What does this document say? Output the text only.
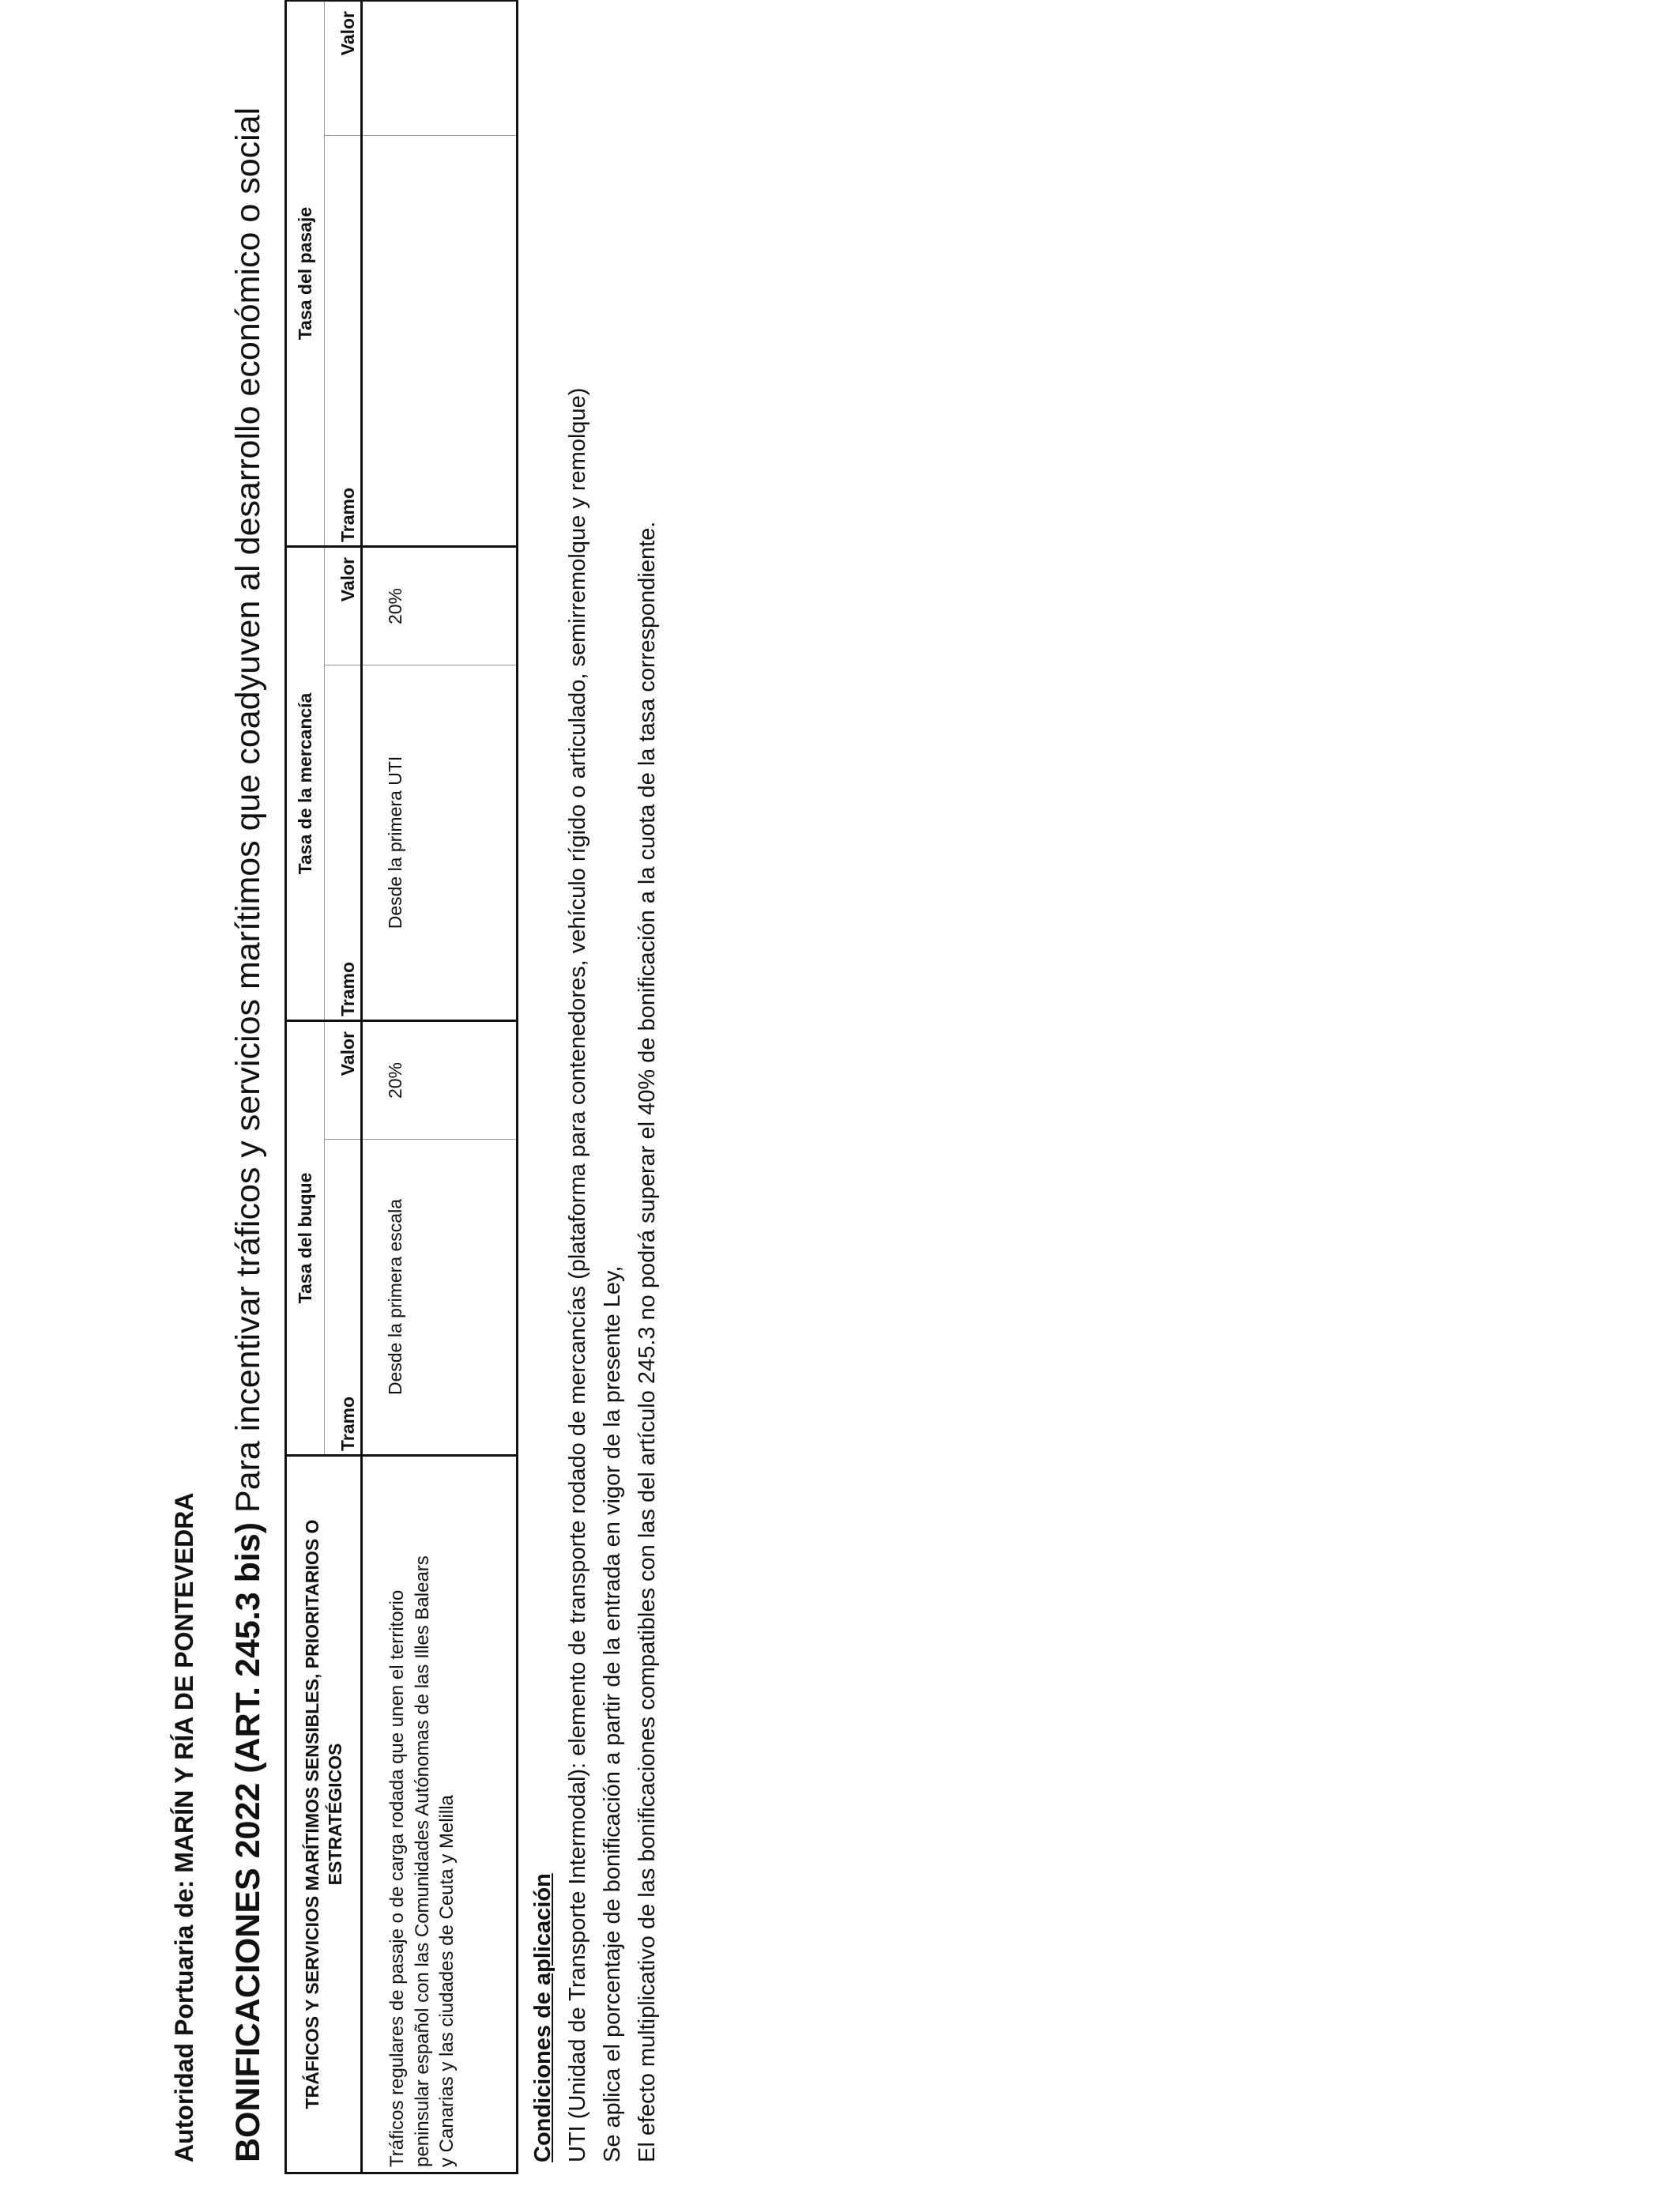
Autoridad Portuaria de: MARÍN Y RÍA DE PONTEVEDRA BONIFICACIONES 2022 (ART. 245.3 bis) Para incentivar tráficos y servicios marítimos que coadyuven al desarrollo económico o social
TRÁFICOS Y SERVICIOS MARÍTIMOS SENSIBLES, PRIORITARIOS O ESTRATÉGICOS	Tasa del buque		Tasa de la mercancía		Tasa del pasaje	
	Tramo	Valor	Tramo	Valor	Tramo	Valor

Tráficos regulares de pasaje o de carga rodada que unen el territorio peninsular español con las Comunidades Autónomas de las Illes Balears y Canarias y las ciudades de Ceuta y Melilla	Desde la primera escala	20%	Desde la primera UTI	20%		
Condiciones de aplicación UTI (Unidad de Transporte Intermodal): elemento de transporte rodado de mercancías (plataforma para contenedores, vehículo rígido o articulado, semirremolque y remolque) Se aplica el porcentaje de bonificación a partir de la entrada en vigor de la presente Ley, El efecto multiplicativo de las bonificaciones compatibles con las del artículo 245.3 no podrá superar el 40% de bonificación a la cuota de la tasa correspondiente.
